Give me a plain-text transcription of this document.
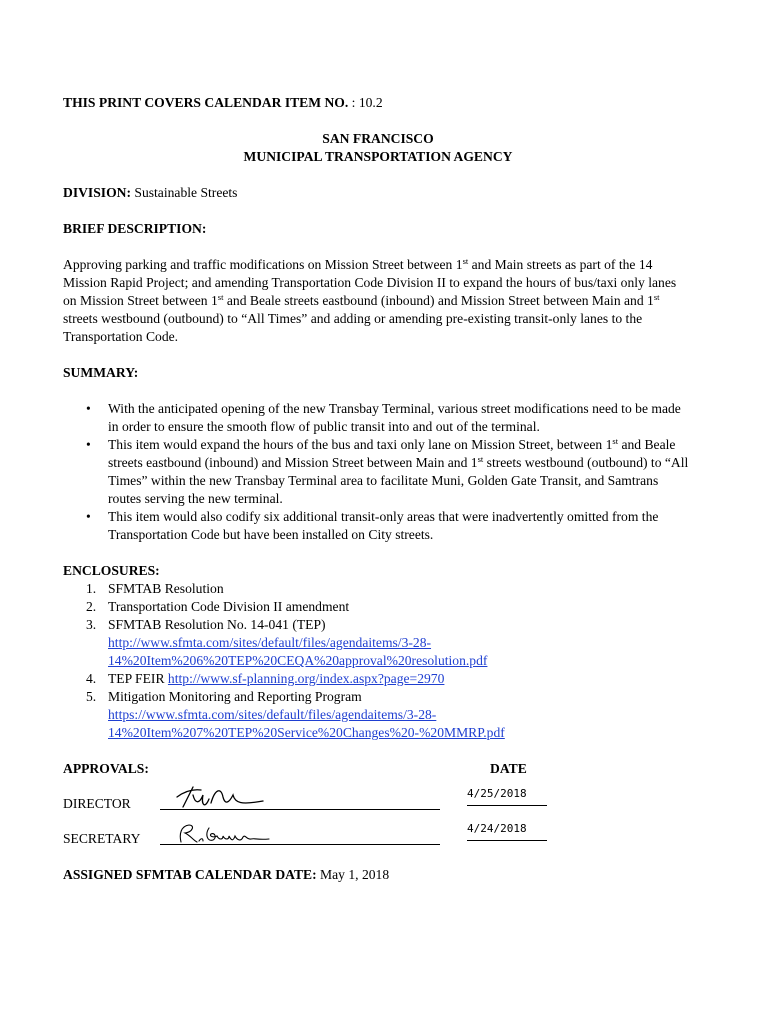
THIS PRINT COVERS CALENDAR ITEM NO. : 10.2

SAN FRANCISCO

MUNICIPAL TRANSPORTATION AGENCY

DIVISION: Sustainable Streets

BRIEF DESCRIPTION:

Approving parking and traffic modifications on Mission Street between 1st and Main streets as part of the 14 Mission Rapid Project; and amending Transportation Code Division II to expand the hours of bus/taxi only lanes on Mission Street between 1st and Beale streets eastbound (inbound) and Mission Street between Main and 1st streets westbound (outbound) to “All Times” and adding or amending pre-existing transit-only lanes to the Transportation Code.

SUMMARY:

• With the anticipated opening of the new Transbay Terminal, various street modifications need to be made in order to ensure the smooth flow of public transit into and out of the terminal.
• This item would expand the hours of the bus and taxi only lane on Mission Street, between 1st and Beale streets eastbound (inbound) and Mission Street between Main and 1st streets westbound (outbound) to “All Times” within the new Transbay Terminal area to facilitate Muni, Golden Gate Transit, and Samtrans routes serving the new terminal.
• This item would also codify six additional transit-only areas that were inadvertently omitted from the Transportation Code but have been installed on City streets.

ENCLOSURES:

1. SFMTAB Resolution
2. Transportation Code Division II amendment
3. SFMTAB Resolution No. 14-041 (TEP)
http://www.sfmta.com/sites/default/files/agendaitems/3-28-
14%20Item%206%20TEP%20CEQA%20approval%20resolution.pdf
4. TEP FEIR http://www.sf-planning.org/index.aspx?page=2970
5. Mitigation Monitoring and Reporting Program
https://www.sfmta.com/sites/default/files/agendaitems/3-28-
14%20Item%207%20TEP%20Service%20Changes%20-%20MMRP.pdf
APPROVALS:	DATE
DIRECTOR
4/25/2018
SECRETARY
4/24/2018

ASSIGNED SFMTAB CALENDAR DATE: May 1, 2018
